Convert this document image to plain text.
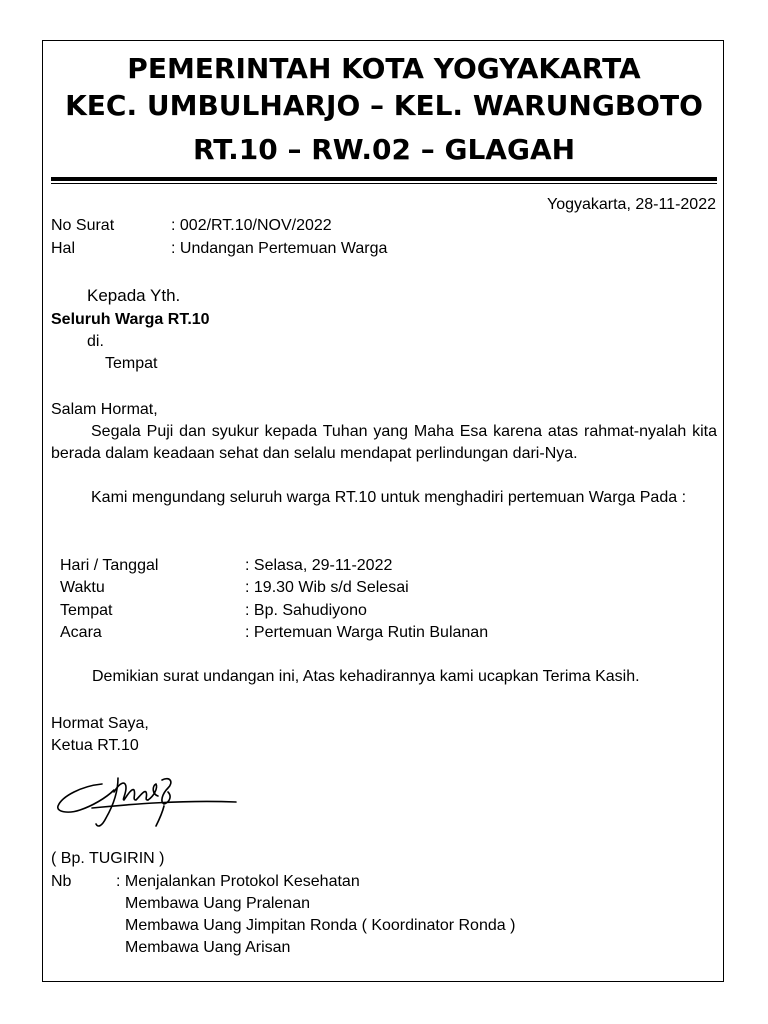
PEMERINTAH KOTA YOGYAKARTA
KEC. UMBULHARJO – KEL. WARUNGBOTO
RT.10 – RW.02 – GLAGAH
Yogyakarta, 28-11-2022
No Surat	: 002/RT.10/NOV/2022
Hal	: Undangan Pertemuan Warga
Kepada Yth.
Seluruh Warga RT.10
di.
Tempat
Salam Hormat,
Segala Puji dan syukur kepada Tuhan yang Maha Esa karena atas rahmat-nyalah kita berada dalam keadaan sehat dan selalu mendapat perlindungan dari-Nya.
Kami mengundang seluruh warga RT.10 untuk menghadiri pertemuan Warga Pada :
Hari / Tanggal	: Selasa, 29-11-2022
Waktu	: 19.30 Wib s/d Selesai
Tempat	: Bp. Sahudiyono
Acara	: Pertemuan Warga Rutin Bulanan
Demikian surat undangan ini, Atas kehadirannya kami ucapkan Terima Kasih.
Hormat Saya,
Ketua RT.10
( Bp. TUGIRIN )
Nb	: Menjalankan Protokol Kesehatan
Membawa Uang Pralenan
Membawa Uang Jimpitan Ronda ( Koordinator Ronda )
Membawa Uang Arisan
